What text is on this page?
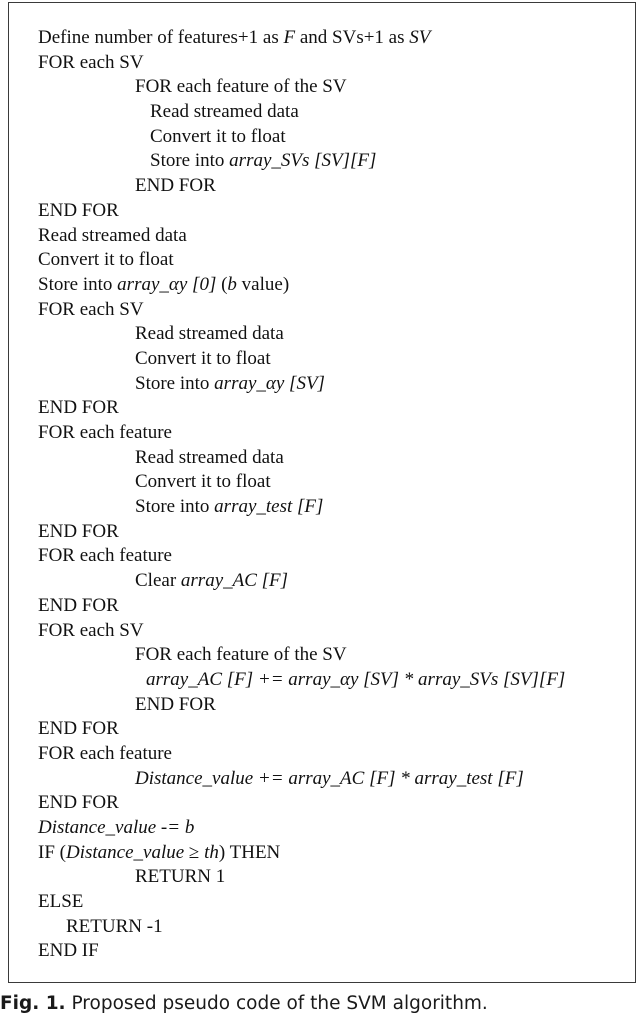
Define number of features+1 as F and SVs+1 as SV
FOR each SV
FOR each feature of the SV
Read streamed data
Convert it to float
Store into array_SVs [SV][F]
END FOR
END FOR
Read streamed data
Convert it to float
Store into array_αy [0] (b value)
FOR each SV
Read streamed data
Convert it to float
Store into array_αy [SV]
END FOR
FOR each feature
Read streamed data
Convert it to float
Store into array_test [F]
END FOR
FOR each feature
Clear array_AC [F]
END FOR
FOR each SV
FOR each feature of the SV
array_AC [F] += array_αy [SV] * array_SVs [SV][F]
END FOR
END FOR
FOR each feature
Distance_value += array_AC [F] * array_test [F]
END FOR
Distance_value -= b
IF (Distance_value ≥ th) THEN
RETURN 1
ELSE
RETURN -1
END IF
Fig. 1. Proposed pseudo code of the SVM algorithm.
